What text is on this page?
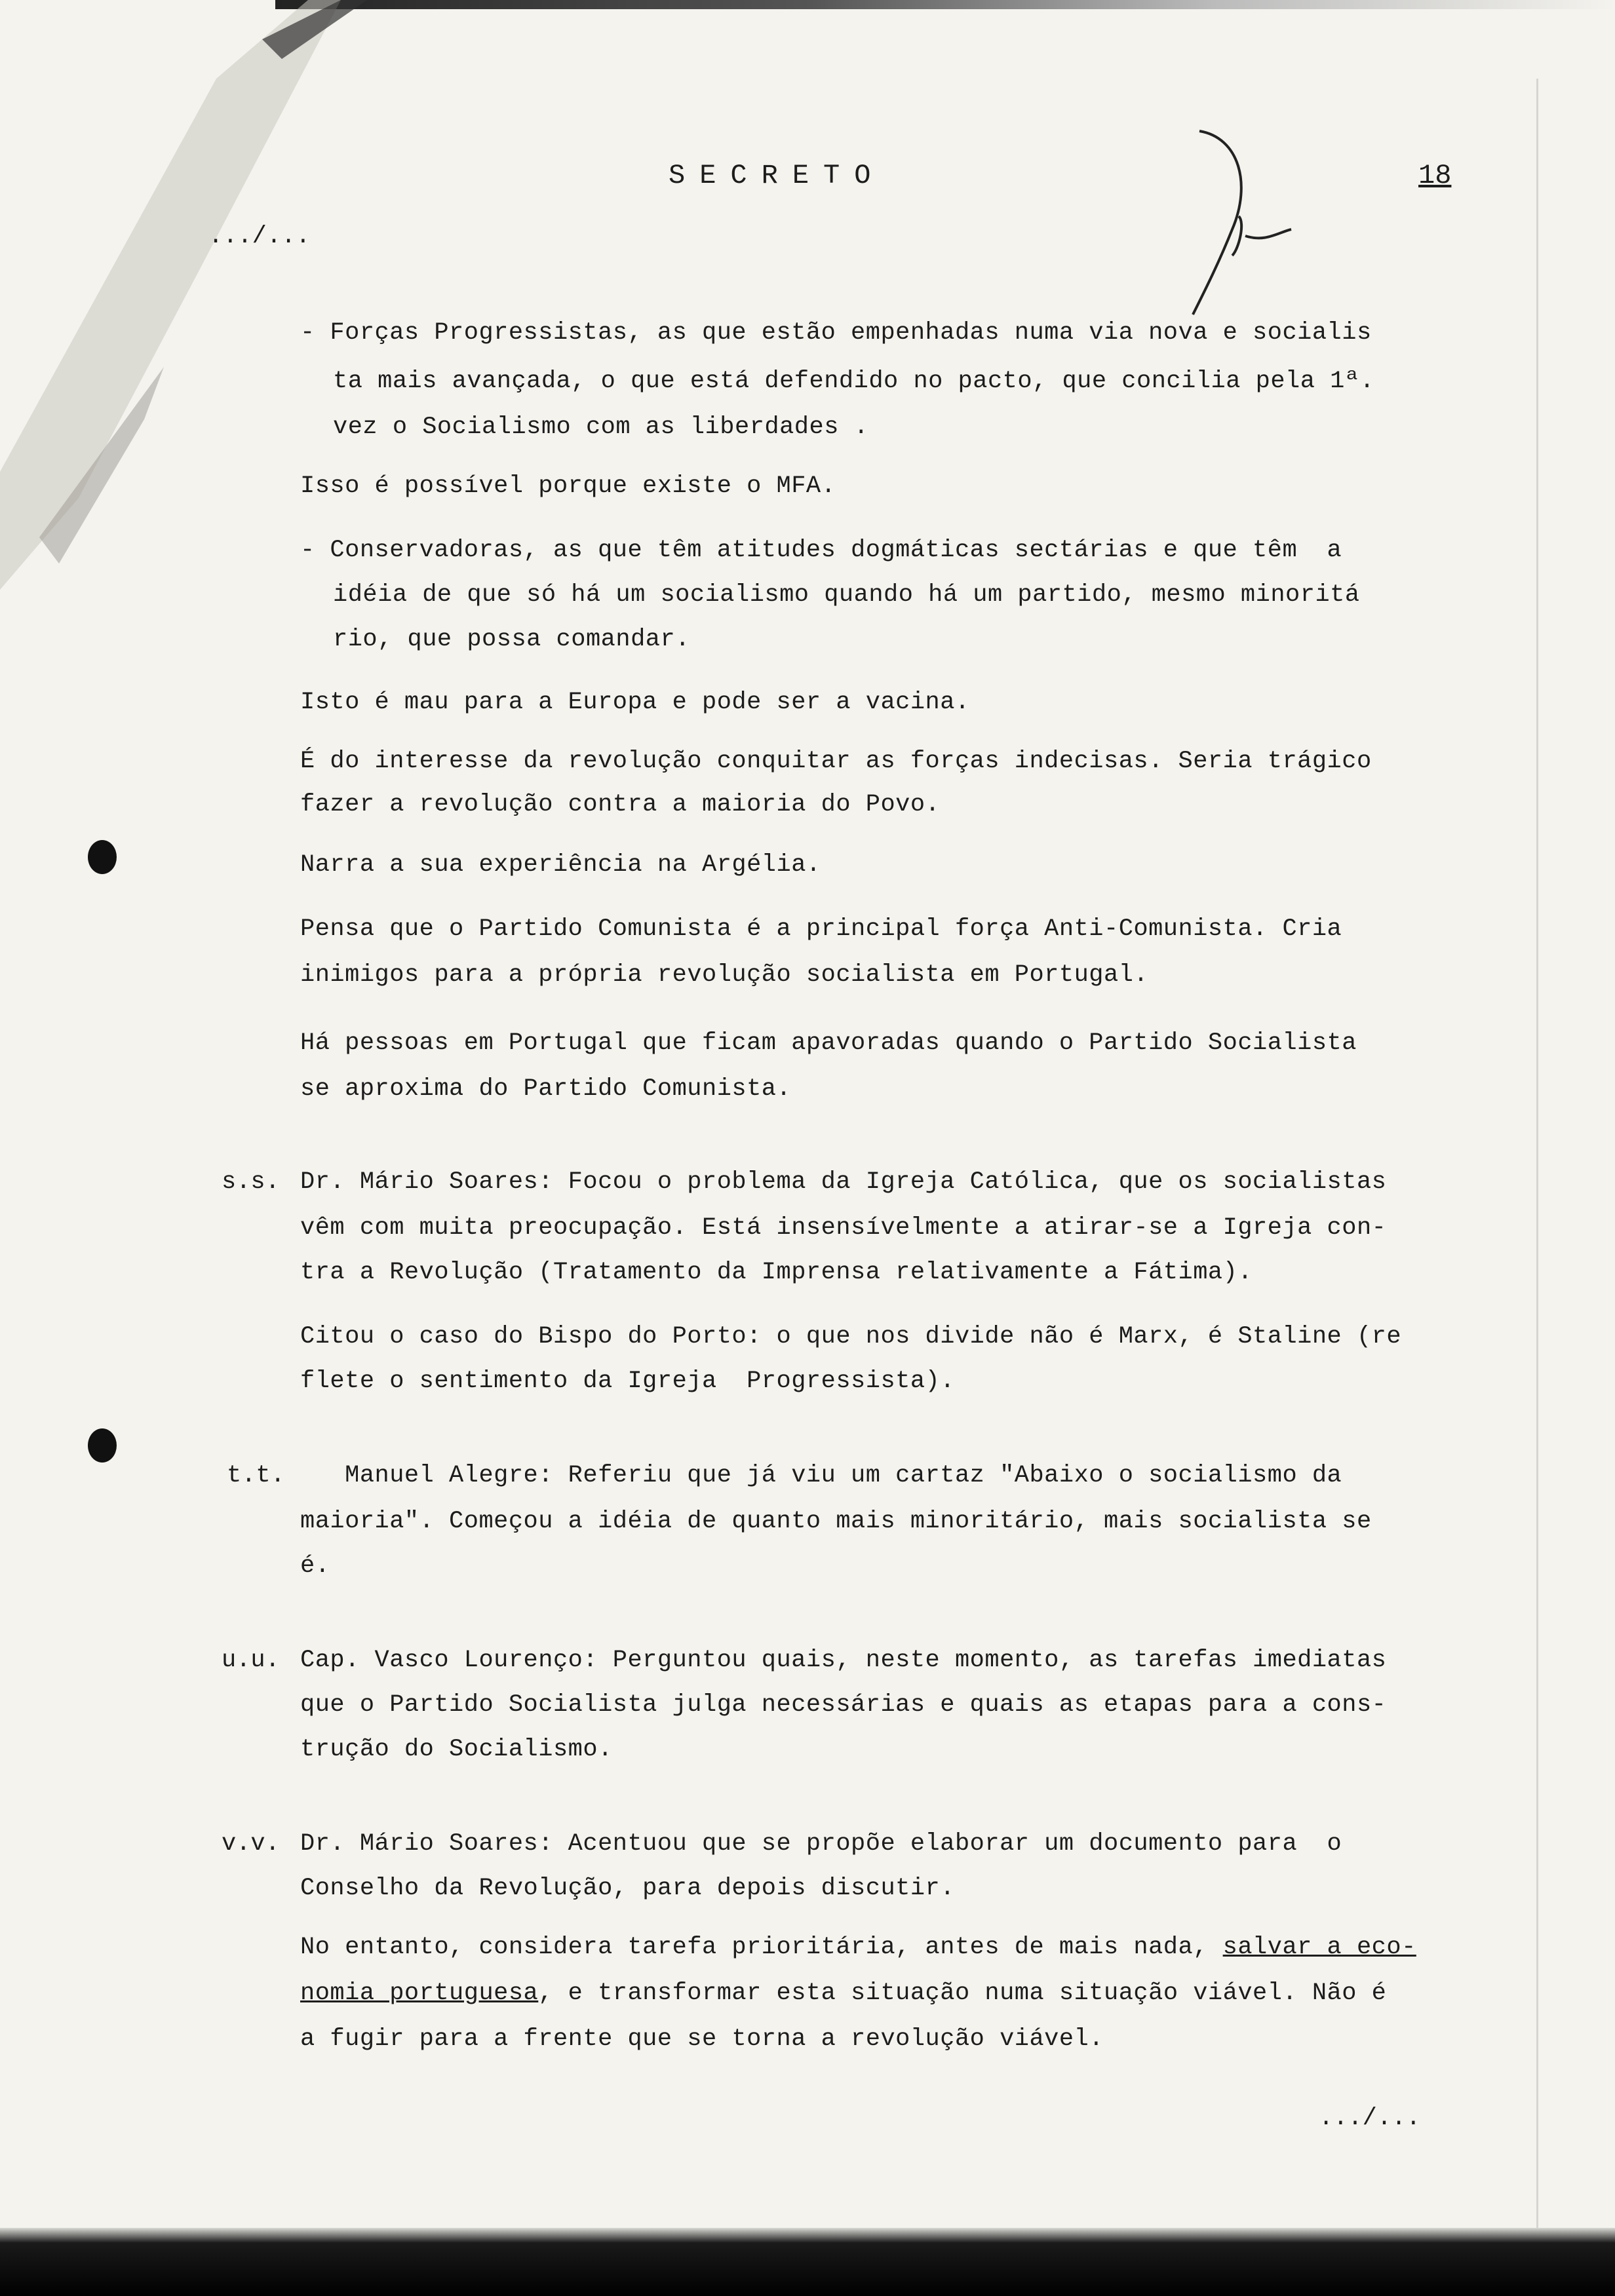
SECRETO	18
.../...
- Forças Progressistas, as que estão empenhadas numa via nova e socialis
ta mais avançada, o que está defendido no pacto, que concilia pela 1ª.
vez o Socialismo com as liberdades .
Isso é possível porque existe o MFA.
- Conservadoras, as que têm atitudes dogmáticas sectárias e que têm  a
idéia de que só há um socialismo quando há um partido, mesmo minoritá
rio, que possa comandar.
Isto é mau para a Europa e pode ser a vacina.
É do interesse da revolução conquitar as forças indecisas. Seria trágico
fazer a revolução contra a maioria do Povo.
Narra a sua experiência na Argélia.
Pensa que o Partido Comunista é a principal força Anti-Comunista. Cria
inimigos para a própria revolução socialista em Portugal.
Há pessoas em Portugal que ficam apavoradas quando o Partido Socialista
se aproxima do Partido Comunista.
s.s. Dr. Mário Soares: Focou o problema da Igreja Católica, que os socialistas
vêm com muita preocupação. Está insensívelmente a atirar-se a Igreja con-
tra a Revolução (Tratamento da Imprensa relativamente a Fátima).
Citou o caso do Bispo do Porto: o que nos divide não é Marx, é Staline (re
flete o sentimento da Igreja  Progressista).
t.t. Manuel Alegre: Referiu que já viu um cartaz "Abaixo o socialismo da
maioria". Começou a idéia de quanto mais minoritário, mais socialista se
é.
u.u. Cap. Vasco Lourenço: Perguntou quais, neste momento, as tarefas imediatas
que o Partido Socialista julga necessárias e quais as etapas para a cons-
trução do Socialismo.
v.v. Dr. Mário Soares: Acentuou que se propõe elaborar um documento para  o
Conselho da Revolução, para depois discutir.
No entanto, considera tarefa prioritária, antes de mais nada, salvar a eco-
nomia portuguesa, e transformar esta situação numa situação viável. Não é
a fugir para a frente que se torna a revolução viável.
.../...
